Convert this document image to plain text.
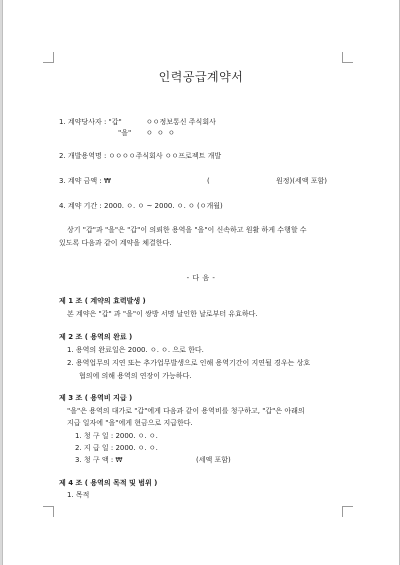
인력공급계약서
1. 계약당사자 : "갑"	ㅇㅇ정보통신 주식회사
"을" ㅇ ㅇ ㅇ
2. 개발용역명 : ㅇㅇㅇㅇ주식회사 ㅇㅇ프로젝트 개발
3. 계약 금액 : ₩	(	원정)(세액 포함)
4. 계약 기간 : 2000. ㅇ. ㅇ ~ 2000. ㅇ. ㅇ (ㅇ개월)
상기 "갑"과 "을"은 "갑"이 의뢰한 용역을 "을"이 신속하고 원활 하게 수행할 수
있도록 다음과 같이 계약을 체결한다.
- 다 음 -
제 1 조 ( 계약의 효력발생 )
본 계약은 "갑" 과 "을"이 쌍방 서명 날인한 날로부터 유효하다.
제 2 조 ( 용역의 완료 )
1. 용역의 완료일은 2000. ㅇ. ㅇ. 으로 한다.
2. 용역업무의 지연 또는 추가업무발생으로 인해 용역기간이 지연될 경우는 상호
협의에 의해 용역의 연장이 가능하다.
제 3 조 ( 용역비 지급 )
"을"은 용역의 대가로 "갑"에게 다음과 같이 용역비를 청구하고, "갑"은 아래의
지급 일자에 "을"에게 현금으로 지급한다.
1. 청 구 일 : 2000. ㅇ. ㅇ.
2. 지 급 일 : 2000. ㅇ. ㅇ.
3. 청 구 액 : ₩	(세액 포함)
제 4 조 ( 용역의 목적 및 범위 )
1. 목적
